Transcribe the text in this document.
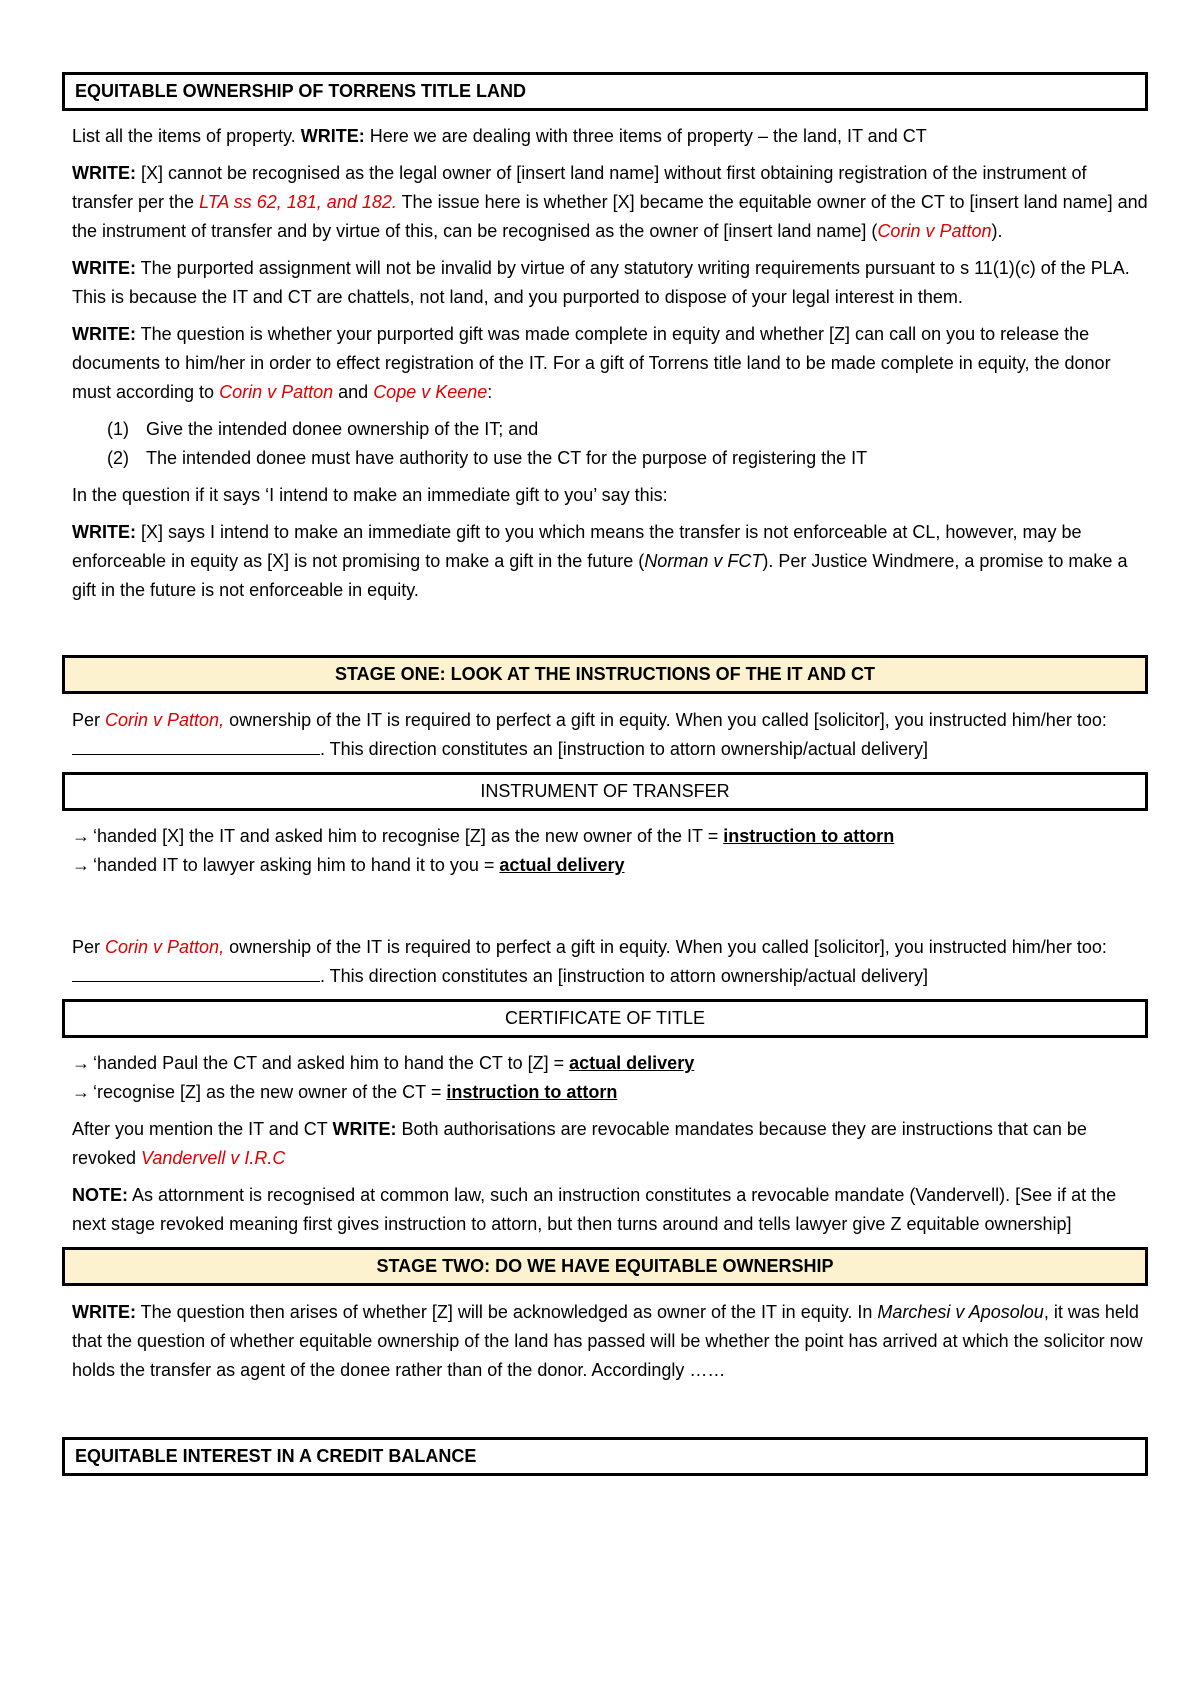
EQUITABLE OWNERSHIP OF TORRENS TITLE LAND

List all the items of property. WRITE: Here we are dealing with three items of property – the land, IT and CT

WRITE: [X] cannot be recognised as the legal owner of [insert land name] without first obtaining registration of the instrument of transfer per the LTA ss 62, 181, and 182. The issue here is whether [X] became the equitable owner of the CT to [insert land name] and the instrument of transfer and by virtue of this, can be recognised as the owner of [insert land name] (Corin v Patton).

WRITE: The purported assignment will not be invalid by virtue of any statutory writing requirements pursuant to s 11(1)(c) of the PLA. This is because the IT and CT are chattels, not land, and you purported to dispose of your legal interest in them.

WRITE: The question is whether your purported gift was made complete in equity and whether [Z] can call on you to release the documents to him/her in order to effect registration of the IT. For a gift of Torrens title land to be made complete in equity, the donor must according to Corin v Patton and Cope v Keene:

(1) Give the intended donee ownership of the IT; and
(2) The intended donee must have authority to use the CT for the purpose of registering the IT

In the question if it says ‘I intend to make an immediate gift to you’ say this:

WRITE: [X] says I intend to make an immediate gift to you which means the transfer is not enforceable at CL, however, may be enforceable in equity as [X] is not promising to make a gift in the future (Norman v FCT). Per Justice Windmere, a promise to make a gift in the future is not enforceable in equity.

STAGE ONE: LOOK AT THE INSTRUCTIONS OF THE IT AND CT

Per Corin v Patton, ownership of the IT is required to perfect a gift in equity. When you called [solicitor], you instructed him/her too:
. This direction constitutes an [instruction to attorn ownership/actual delivery]

INSTRUMENT OF TRANSFER

→ ‘handed [X] the IT and asked him to recognise [Z] as the new owner of the IT = instruction to attorn

→ ‘handed IT to lawyer asking him to hand it to you = actual delivery

Per Corin v Patton, ownership of the IT is required to perfect a gift in equity. When you called [solicitor], you instructed him/her too:
. This direction constitutes an [instruction to attorn ownership/actual delivery]

CERTIFICATE OF TITLE

→ ‘handed Paul the CT and asked him to hand the CT to [Z] = actual delivery

→ ‘recognise [Z] as the new owner of the CT = instruction to attorn

After you mention the IT and CT WRITE: Both authorisations are revocable mandates because they are instructions that can be revoked Vandervell v I.R.C

NOTE: As attornment is recognised at common law, such an instruction constitutes a revocable mandate (Vandervell). [See if at the next stage revoked meaning first gives instruction to attorn, but then turns around and tells lawyer give Z equitable ownership]

STAGE TWO: DO WE HAVE EQUITABLE OWNERSHIP

WRITE: The question then arises of whether [Z] will be acknowledged as owner of the IT in equity. In Marchesi v Aposolou, it was held that the question of whether equitable ownership of the land has passed will be whether the point has arrived at which the solicitor now holds the transfer as agent of the donee rather than of the donor. Accordingly ……

EQUITABLE INTEREST IN A CREDIT BALANCE
